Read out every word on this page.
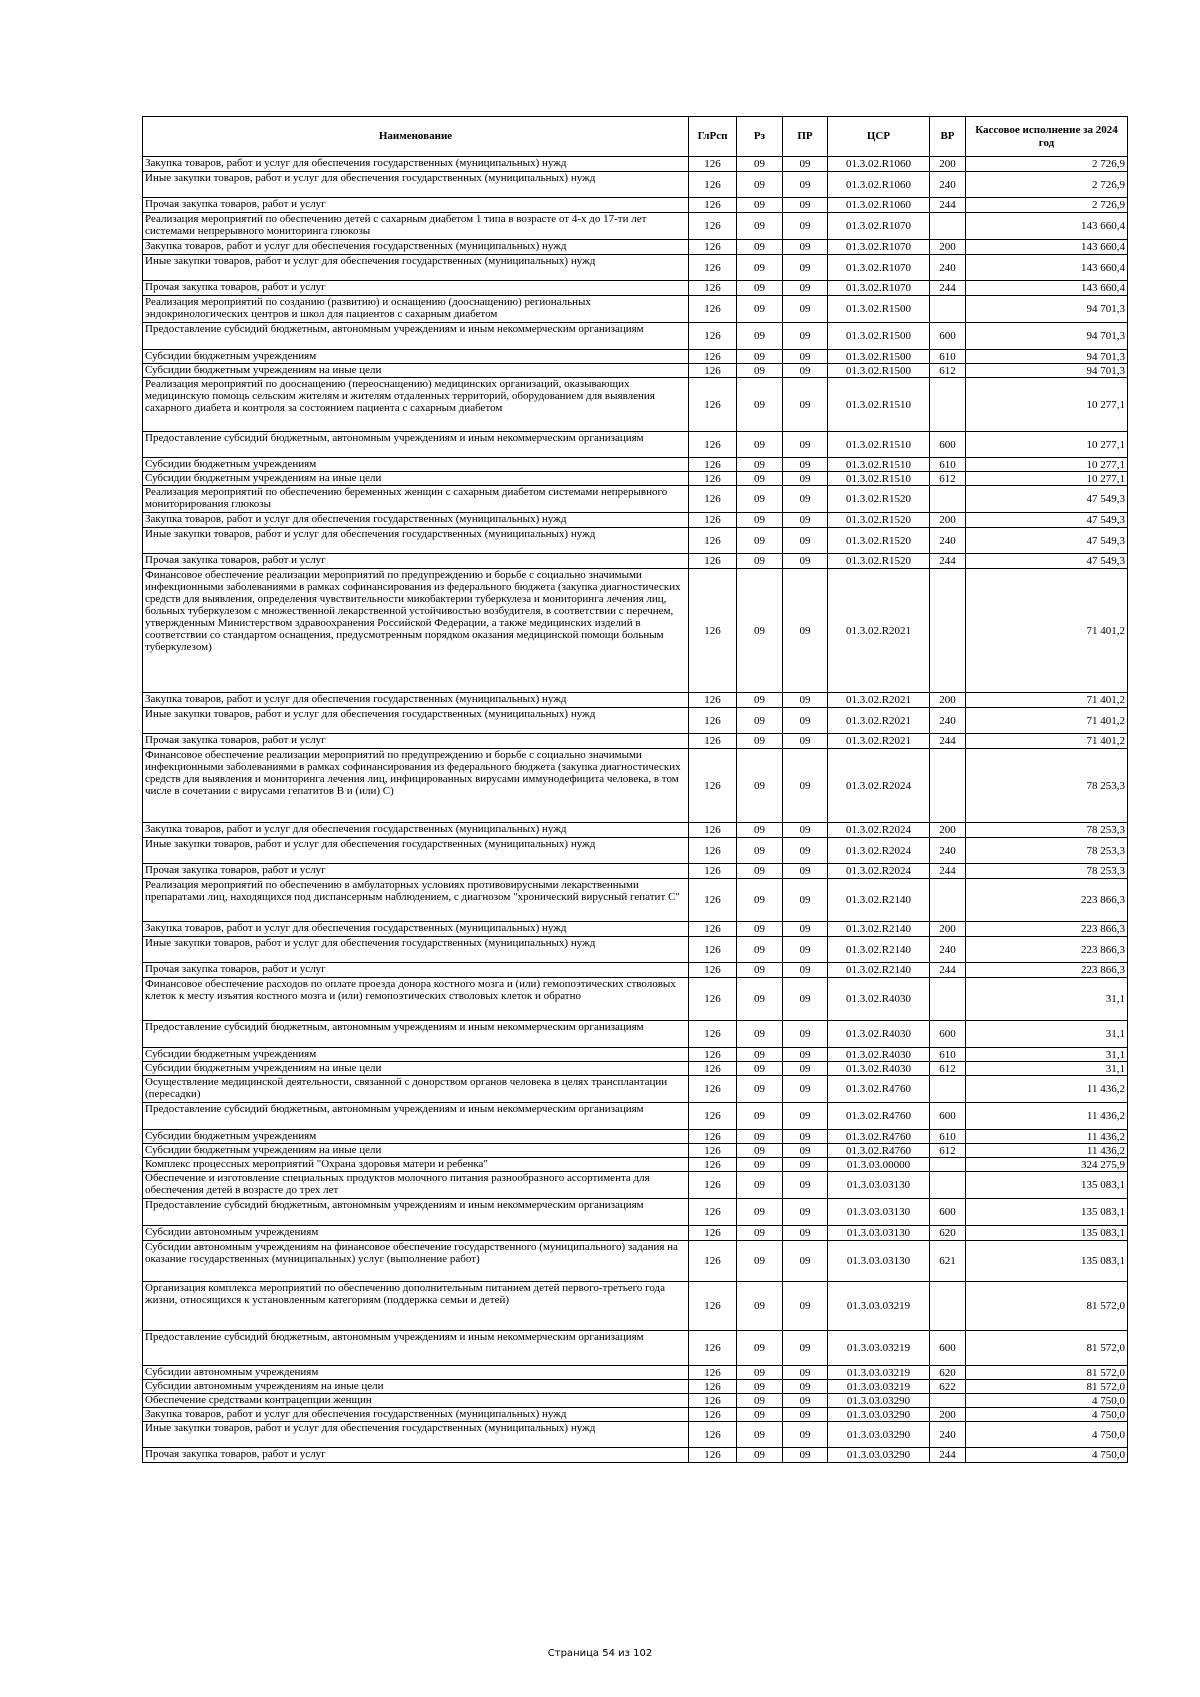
Наименование	ГлРсп	Рз	ПР	ЦСР	ВР	Кассовое исполнение за 2024 год
Закупка товаров, работ и услуг для обеспечения государственных (муниципальных) нужд	126	09	09	01.3.02.R1060	200	2 726,9
Иные закупки товаров, работ и услуг для обеспечения государственных (муниципальных) нужд	126	09	09	01.3.02.R1060	240	2 726,9
Прочая закупка товаров, работ и услуг	126	09	09	01.3.02.R1060	244	2 726,9
Реализация мероприятий по обеспечению детей с сахарным диабетом 1 типа в возрасте от 4-х до 17-ти лет системами непрерывного мониторинга глюкозы	126	09	09	01.3.02.R1070		143 660,4
Закупка товаров, работ и услуг для обеспечения государственных (муниципальных) нужд	126	09	09	01.3.02.R1070	200	143 660,4
Иные закупки товаров, работ и услуг для обеспечения государственных (муниципальных) нужд	126	09	09	01.3.02.R1070	240	143 660,4
Прочая закупка товаров, работ и услуг	126	09	09	01.3.02.R1070	244	143 660,4
Реализация мероприятий по созданию (развитию) и оснащению (дооснащению) региональных эндокринологических центров и школ для пациентов с сахарным диабетом	126	09	09	01.3.02.R1500		94 701,3
Предоставление субсидий бюджетным, автономным учреждениям и иным некоммерческим организациям	126	09	09	01.3.02.R1500	600	94 701,3
Субсидии бюджетным учреждениям	126	09	09	01.3.02.R1500	610	94 701,3
Субсидии бюджетным учреждениям на иные цели	126	09	09	01.3.02.R1500	612	94 701,3
Реализация мероприятий по дооснащению (переоснащению) медицинских организаций, оказывающих медицинскую помощь сельским жителям и жителям отдаленных территорий, оборудованием для выявления сахарного диабета и контроля за состоянием пациента с сахарным диабетом	126	09	09	01.3.02.R1510		10 277,1
Предоставление субсидий бюджетным, автономным учреждениям и иным некоммерческим организациям	126	09	09	01.3.02.R1510	600	10 277,1
Субсидии бюджетным учреждениям	126	09	09	01.3.02.R1510	610	10 277,1
Субсидии бюджетным учреждениям на иные цели	126	09	09	01.3.02.R1510	612	10 277,1
Реализация мероприятий по обеспечению беременных женщин с сахарным диабетом системами непрерывного мониторирования глюкозы	126	09	09	01.3.02.R1520		47 549,3
Закупка товаров, работ и услуг для обеспечения государственных (муниципальных) нужд	126	09	09	01.3.02.R1520	200	47 549,3
Иные закупки товаров, работ и услуг для обеспечения государственных (муниципальных) нужд	126	09	09	01.3.02.R1520	240	47 549,3
Прочая закупка товаров, работ и услуг	126	09	09	01.3.02.R1520	244	47 549,3
Финансовое обеспечение реализации мероприятий по предупреждению и борьбе с социально значимыми инфекционными заболеваниями в рамках софинансирования из федерального бюджета (закупка диагностических средств для выявления, определения чувствительности микобактерии туберкулеза и мониторинга лечения лиц, больных туберкулезом с множественной лекарственной устойчивостью возбудителя, в соответствии с перечнем, утвержденным Министерством здравоохранения Российской Федерации, а также медицинских изделий в соответствии со стандартом оснащения, предусмотренным порядком оказания медицинской помощи больным туберкулезом)	126	09	09	01.3.02.R2021		71 401,2
Закупка товаров, работ и услуг для обеспечения государственных (муниципальных) нужд	126	09	09	01.3.02.R2021	200	71 401,2
Иные закупки товаров, работ и услуг для обеспечения государственных (муниципальных) нужд	126	09	09	01.3.02.R2021	240	71 401,2
Прочая закупка товаров, работ и услуг	126	09	09	01.3.02.R2021	244	71 401,2
Финансовое обеспечение реализации мероприятий по предупреждению и борьбе с социально значимыми инфекционными заболеваниями в рамках софинансирования из федерального бюджета (закупка диагностических средств для выявления и мониторинга лечения лиц, инфицированных вирусами иммунодефицита человека, в том числе в сочетании с вирусами гепатитов B и (или) C)	126	09	09	01.3.02.R2024		78 253,3
Закупка товаров, работ и услуг для обеспечения государственных (муниципальных) нужд	126	09	09	01.3.02.R2024	200	78 253,3
Иные закупки товаров, работ и услуг для обеспечения государственных (муниципальных) нужд	126	09	09	01.3.02.R2024	240	78 253,3
Прочая закупка товаров, работ и услуг	126	09	09	01.3.02.R2024	244	78 253,3
Реализация мероприятий по обеспечению в амбулаторных условиях противовирусными лекарственными препаратами лиц, находящихся под диспансерным наблюдением, с диагнозом "хронический вирусный гепатит C"	126	09	09	01.3.02.R2140		223 866,3
Закупка товаров, работ и услуг для обеспечения государственных (муниципальных) нужд	126	09	09	01.3.02.R2140	200	223 866,3
Иные закупки товаров, работ и услуг для обеспечения государственных (муниципальных) нужд	126	09	09	01.3.02.R2140	240	223 866,3
Прочая закупка товаров, работ и услуг	126	09	09	01.3.02.R2140	244	223 866,3
Финансовое обеспечение расходов по оплате проезда донора костного мозга и (или) гемопоэтических стволовых клеток к месту изъятия костного мозга и (или) гемопоэтических стволовых клеток и обратно	126	09	09	01.3.02.R4030		31,1
Предоставление субсидий бюджетным, автономным учреждениям и иным некоммерческим организациям	126	09	09	01.3.02.R4030	600	31,1
Субсидии бюджетным учреждениям	126	09	09	01.3.02.R4030	610	31,1
Субсидии бюджетным учреждениям на иные цели	126	09	09	01.3.02.R4030	612	31,1
Осуществление медицинской деятельности, связанной с донорством органов человека в целях трансплантации (пересадки)	126	09	09	01.3.02.R4760		11 436,2
Предоставление субсидий бюджетным, автономным учреждениям и иным некоммерческим организациям	126	09	09	01.3.02.R4760	600	11 436,2
Субсидии бюджетным учреждениям	126	09	09	01.3.02.R4760	610	11 436,2
Субсидии бюджетным учреждениям на иные цели	126	09	09	01.3.02.R4760	612	11 436,2
Комплекс процессных мероприятий "Охрана здоровья матери и ребенка"	126	09	09	01.3.03.00000		324 275,9
Обеспечение и изготовление специальных продуктов молочного питания разнообразного ассортимента для обеспечения детей в возрасте до трех лет	126	09	09	01.3.03.03130		135 083,1
Предоставление субсидий бюджетным, автономным учреждениям и иным некоммерческим организациям	126	09	09	01.3.03.03130	600	135 083,1
Субсидии автономным учреждениям	126	09	09	01.3.03.03130	620	135 083,1
Субсидии автономным учреждениям на финансовое обеспечение государственного (муниципального) задания на оказание государственных (муниципальных) услуг (выполнение работ)	126	09	09	01.3.03.03130	621	135 083,1
Организация комплекса мероприятий по обеспечению дополнительным питанием детей первого-третьего года жизни, относящихся к установленным категориям (поддержка семьи и детей)	126	09	09	01.3.03.03219		81 572,0
Предоставление субсидий бюджетным, автономным учреждениям и иным некоммерческим организациям	126	09	09	01.3.03.03219	600	81 572,0
Субсидии автономным учреждениям	126	09	09	01.3.03.03219	620	81 572,0
Субсидии автономным учреждениям на иные цели	126	09	09	01.3.03.03219	622	81 572,0
Обеспечение средствами контрацепции женщин	126	09	09	01.3.03.03290		4 750,0
Закупка товаров, работ и услуг для обеспечения государственных (муниципальных) нужд	126	09	09	01.3.03.03290	200	4 750,0
Иные закупки товаров, работ и услуг для обеспечения государственных (муниципальных) нужд	126	09	09	01.3.03.03290	240	4 750,0
Прочая закупка товаров, работ и услуг	126	09	09	01.3.03.03290	244	4 750,0
Страница 54 из 102
